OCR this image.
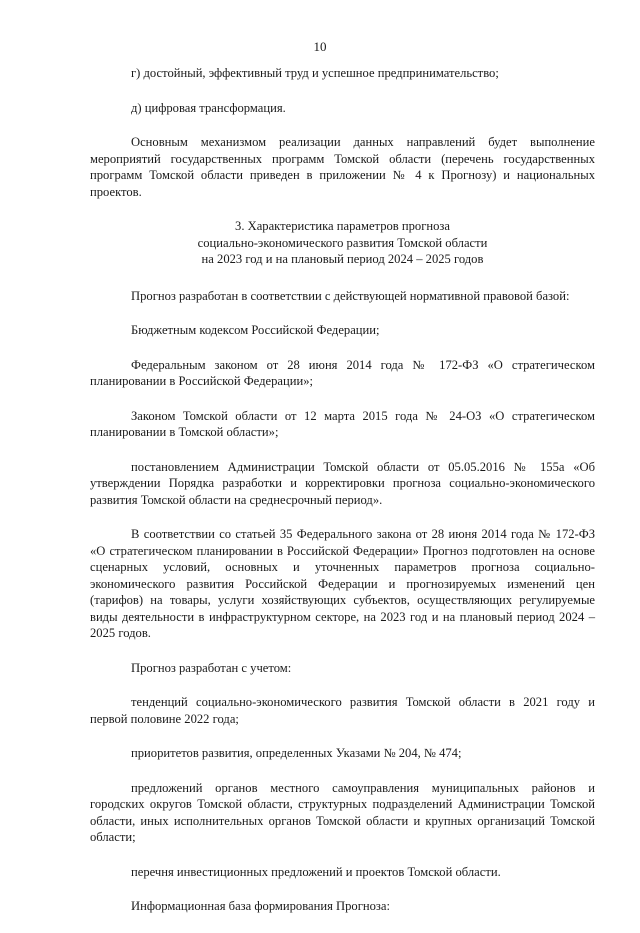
10

г) достойный, эффективный труд и успешное предпринимательство;

д) цифровая трансформация.

Основным механизмом реализации данных направлений будет выполнение мероприятий государственных программ Томской области (перечень государственных программ Томской области приведен в приложении № 4 к Прогнозу) и национальных проектов.

3. Характеристика параметров прогноза
социально-экономического развития Томской области
на 2023 год и на плановый период 2024 – 2025 годов

Прогноз разработан в соответствии с действующей нормативной правовой базой:

Бюджетным кодексом Российской Федерации;

Федеральным законом от 28 июня 2014 года № 172-ФЗ «О стратегическом планировании в Российской Федерации»;

Законом Томской области от 12 марта 2015 года № 24-ОЗ «О стратегическом планировании в Томской области»;

постановлением Администрации Томской области от 05.05.2016 № 155а «Об утверждении Порядка разработки и корректировки прогноза социально-экономического развития Томской области на среднесрочный период».

В соответствии со статьей 35 Федерального закона от 28 июня 2014 года № 172-ФЗ «О стратегическом планировании в Российской Федерации» Прогноз подготовлен на основе сценарных условий, основных и уточненных параметров прогноза социально-экономического развития Российской Федерации и прогнозируемых изменений цен (тарифов) на товары, услуги хозяйствующих субъектов, осуществляющих регулируемые виды деятельности в инфраструктурном секторе, на 2023 год и на плановый период 2024 – 2025 годов.

Прогноз разработан с учетом:

тенденций социально-экономического развития Томской области в 2021 году и первой половине 2022 года;

приоритетов развития, определенных Указами № 204, № 474;

предложений органов местного самоуправления муниципальных районов и городских округов Томской области, структурных подразделений Администрации Томской области, иных исполнительных органов Томской области и крупных организаций Томской области;

перечня инвестиционных предложений и проектов Томской области.

Информационная база формирования Прогноза:
